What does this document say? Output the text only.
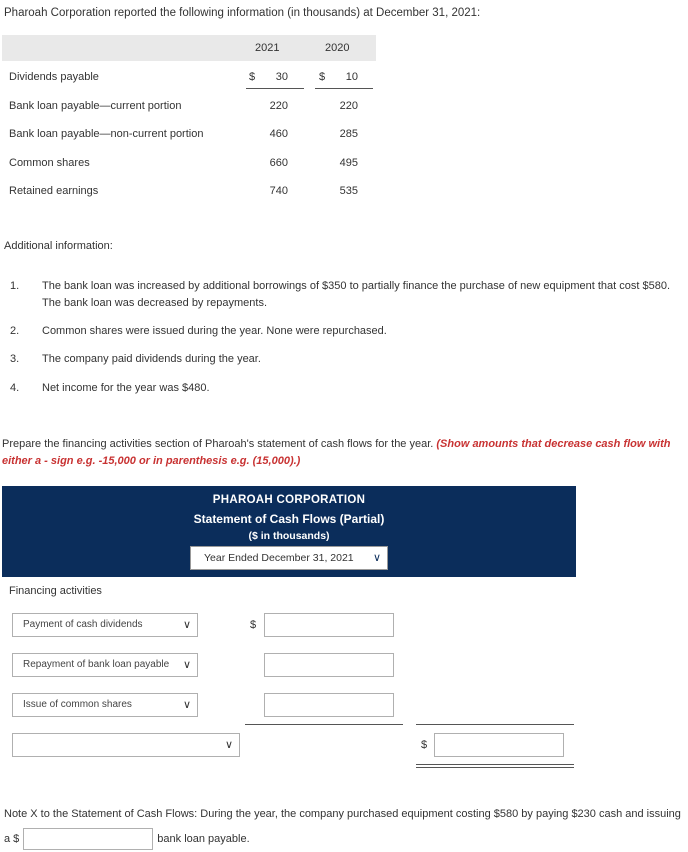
Pharoah Corporation reported the following information (in thousands) at December 31, 2021:
2021	2020
Dividends payable	$	30	$	10
Bank loan payable—current portion	220	220
Bank loan payable—non-current portion	460	285
Common shares	660	495
Retained earnings	740	535
Additional information:
1. The bank loan was increased by additional borrowings of $350 to partially finance the purchase of new equipment that cost $580. The bank loan was decreased by repayments.
2. Common shares were issued during the year. None were repurchased.
3. The company paid dividends during the year.
4. Net income for the year was $480.
Prepare the financing activities section of Pharoah's statement of cash flows for the year. (Show amounts that decrease cash flow with either a - sign e.g. -15,000 or in parenthesis e.g. (15,000).)
PHAROAH CORPORATION
Statement of Cash Flows (Partial)
($ in thousands)
Year Ended December 31, 2021 ∨
Financing activities
Payment of cash dividends	∨	$
Repayment of bank loan payable ∨
Issue of common shares	∨
∨	$
Note X to the Statement of Cash Flows: During the year, the company purchased equipment costing $580 by paying $230 cash and issuing a $	bank loan payable.
